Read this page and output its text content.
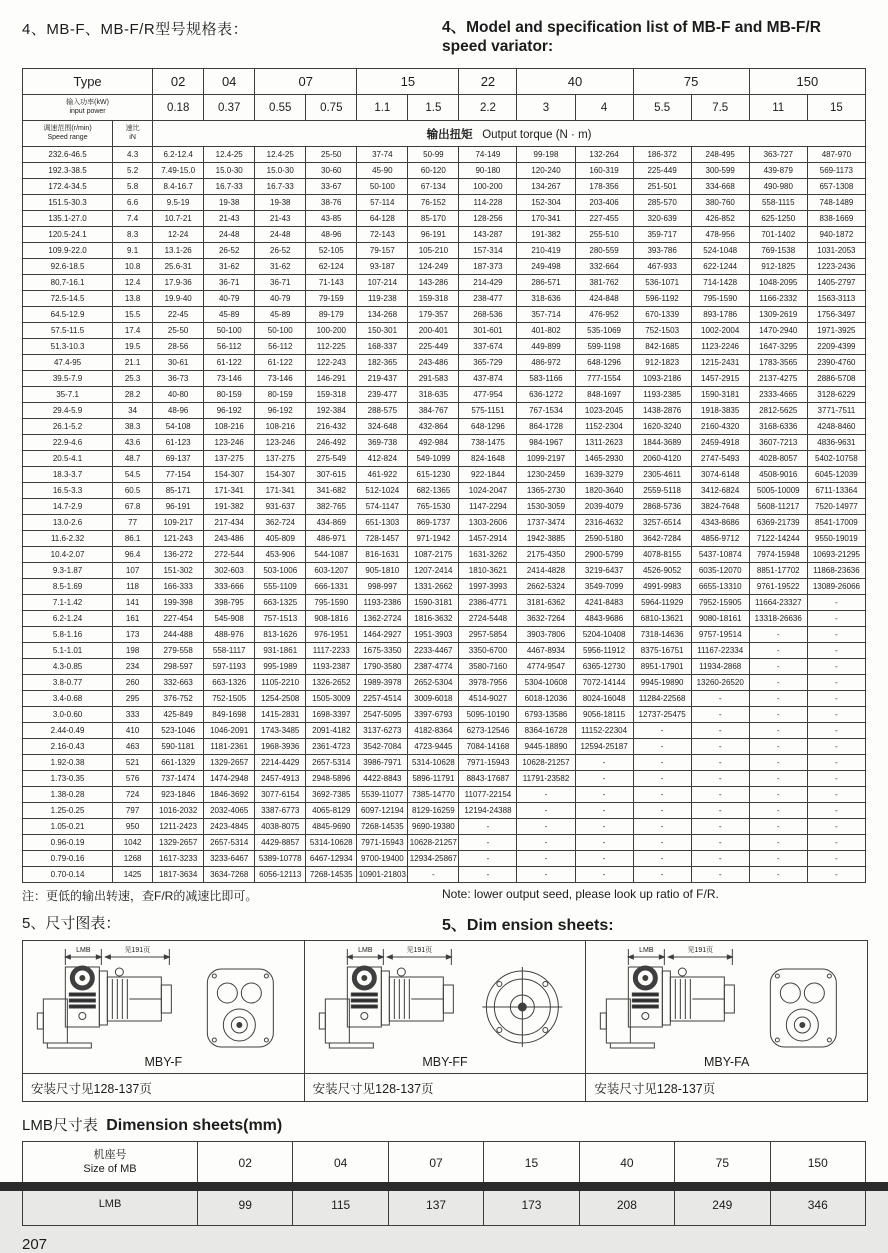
4、MB-F、MB-F/R型号规格表：	4、Model and specification list of MB-F and MB-F/R speed variator:
Type		02	04	07		15		22	40		75		150	

输入功率(kW)
input power		0.18	0.37	0.55	0.75	1.1	1.5	2.2	3	4	5.5	7.5	11	15

调速范围(r/min)
Speed range

速比
iN	输出扭矩 Output torque (N · m)
232.6-46.5	4.3	6.2-12.4	12.4-25	12.4-25	25-50	37-74	50-99	74-149	99-198	132-264	186-372	248-495	363-727	487-970
192.3-38.5	5.2	7.49-15.0	15.0-30	15.0-30	30-60	45-90	60-120	90-180	120-240	160-319	225-449	300-599	439-879	569-1173
172.4-34.5	5.8	8.4-16.7	16.7-33	16.7-33	33-67	50-100	67-134	100-200	134-267	178-356	251-501	334-668	490-980	657-1308
151.5-30.3	6.6	9.5-19	19-38	19-38	38-76	57-114	76-152	114-228	152-304	203-406	285-570	380-760	558-1115	748-1489
135.1-27.0	7.4	10.7-21	21-43	21-43	43-85	64-128	85-170	128-256	170-341	227-455	320-639	426-852	625-1250	838-1669
120.5-24.1	8.3	12-24	24-48	24-48	48-96	72-143	96-191	143-287	191-382	255-510	359-717	478-956	701-1402	940-1872
109.9-22.0	9.1	13.1-26	26-52	26-52	52-105	79-157	105-210	157-314	210-419	280-559	393-786	524-1048	769-1538	1031-2053
92.6-18.5	10.8	25.6-31	31-62	31-62	62-124	93-187	124-249	187-373	249-498	332-664	467-933	622-1244	912-1825	1223-2436
80.7-16.1	12.4	17.9-36	36-71	36-71	71-143	107-214	143-286	214-429	286-571	381-762	536-1071	714-1428	1048-2095	1405-2797
72.5-14.5	13.8	19.9-40	40-79	40-79	79-159	119-238	159-318	238-477	318-636	424-848	596-1192	795-1590	1166-2332	1563-3113
64.5-12.9	15.5	22-45	45-89	45-89	89-179	134-268	179-357	268-536	357-714	476-952	670-1339	893-1786	1309-2619	1756-3497
57.5-11.5	17.4	25-50	50-100	50-100	100-200	150-301	200-401	301-601	401-802	535-1069	752-1503	1002-2004	1470-2940	1971-3925
51.3-10.3	19.5	28-56	56-112	56-112	112-225	168-337	225-449	337-674	449-899	599-1198	842-1685	1123-2246	1647-3295	2209-4399
47.4-95	21.1	30-61	61-122	61-122	122-243	182-365	243-486	365-729	486-972	648-1296	912-1823	1215-2431	1783-3565	2390-4760
39.5-7.9	25.3	36-73	73-146	73-146	146-291	219-437	291-583	437-874	583-1166	777-1554	1093-2186	1457-2915	2137-4275	2886-5708
35-7.1	28.2	40-80	80-159	80-159	159-318	239-477	318-635	477-954	636-1272	848-1697	1193-2385	1590-3181	2333-4665	3128-6229
29.4-5.9	34	48-96	96-192	96-192	192-384	288-575	384-767	575-1151	767-1534	1023-2045	1438-2876	1918-3835	2812-5625	3771-7511
26.1-5.2	38.3	54-108	108-216	108-216	216-432	324-648	432-864	648-1296	864-1728	1152-2304	1620-3240	2160-4320	3168-6336	4248-8460
22.9-4.6	43.6	61-123	123-246	123-246	246-492	369-738	492-984	738-1475	984-1967	1311-2623	1844-3689	2459-4918	3607-7213	4836-9631
20.5-4.1	48.7	69-137	137-275	137-275	275-549	412-824	549-1099	824-1648	1099-2197	1465-2930	2060-4120	2747-5493	4028-8057	5402-10758
18.3-3.7	54.5	77-154	154-307	154-307	307-615	461-922	615-1230	922-1844	1230-2459	1639-3279	2305-4611	3074-6148	4508-9016	6045-12039
16.5-3.3	60.5	85-171	171-341	171-341	341-682	512-1024	682-1365	1024-2047	1365-2730	1820-3640	2559-5118	3412-6824	5005-10009	6711-13364
14.7-2.9	67.8	96-191	191-382	931-637	382-765	574-1147	765-1530	1147-2294	1530-3059	2039-4079	2868-5736	3824-7648	5608-11217	7520-14977
13.0-2.6	77	109-217	217-434	362-724	434-869	651-1303	869-1737	1303-2606	1737-3474	2316-4632	3257-6514	4343-8686	6369-21739	8541-17009
11.6-2.32	86.1	121-243	243-486	405-809	486-971	728-1457	971-1942	1457-2914	1942-3885	2590-5180	3642-7284	4856-9712	7122-14244	9550-19019
10.4-2.07	96.4	136-272	272-544	453-906	544-1087	816-1631	1087-2175	1631-3262	2175-4350	2900-5799	4078-8155	5437-10874	7974-15948	10693-21295
9.3-1.87	107	151-302	302-603	503-1006	603-1207	905-1810	1207-2414	1810-3621	2414-4828	3219-6437	4526-9052	6035-12070	8851-17702	11868-23636
8.5-1.69	118	166-333	333-666	555-1109	666-1331	998-997	1331-2662	1997-3993	2662-5324	3549-7099	4991-9983	6655-13310	9761-19522	13089-26066
7.1-1.42	141	199-398	398-795	663-1325	795-1590	1193-2386	1590-3181	2386-4771	3181-6362	4241-8483	5964-11929	7952-15905	11664-23327	-
6.2-1.24	161	227-454	545-908	757-1513	908-1816	1362-2724	1816-3632	2724-5448	3632-7264	4843-9686	6810-13621	9080-18161	13318-26636	-
5.8-1.16	173	244-488	488-976	813-1626	976-1951	1464-2927	1951-3903	2957-5854	3903-7806	5204-10408	7318-14636	9757-19514	-	-
5.1-1.01	198	279-558	558-1117	931-1861	1117-2233	1675-3350	2233-4467	3350-6700	4467-8934	5956-11912	8375-16751	11167-22334	-	-
4.3-0.85	234	298-597	597-1193	995-1989	1193-2387	1790-3580	2387-4774	3580-7160	4774-9547	6365-12730	8951-17901	11934-2868	-	-
3.8-0.77	260	332-663	663-1326	1105-2210	1326-2652	1989-3978	2652-5304	3978-7956	5304-10608	7072-14144	9945-19890	13260-26520	-	-
3.4-0.68	295	376-752	752-1505	1254-2508	1505-3009	2257-4514	3009-6018	4514-9027	6018-12036	8024-16048	11284-22568	-	-	-
3.0-0.60	333	425-849	849-1698	1415-2831	1698-3397	2547-5095	3397-6793	5095-10190	6793-13586	9056-18115	12737-25475	-	-	-
2.44-0.49	410	523-1046	1046-2091	1743-3485	2091-4182	3137-6273	4182-8364	6273-12546	8364-16728	11152-22304	-	-	-	-
2.16-0.43	463	590-1181	1181-2361	1968-3936	2361-4723	3542-7084	4723-9445	7084-14168	9445-18890	12594-25187	-	-	-	-
1.92-0.38	521	661-1329	1329-2657	2214-4429	2657-5314	3986-7971	5314-10628	7971-15943	10628-21257	-	-	-	-	-
1.73-0.35	576	737-1474	1474-2948	2457-4913	2948-5896	4422-8843	5896-11791	8843-17687	11791-23582	-	-	-	-	-
1.38-0.28	724	923-1846	1846-3692	3077-6154	3692-7385	5539-11077	7385-14770	11077-22154	-	-	-	-	-	-
1.25-0.25	797	1016-2032	2032-4065	3387-6773	4065-8129	6097-12194	8129-16259	12194-24388	-	-	-	-	-	-
1.05-0.21	950	1211-2423	2423-4845	4038-8075	4845-9690	7268-14535	9690-19380	-	-	-	-	-	-	-
0.96-0.19	1042	1329-2657	2657-5314	4429-8857	5314-10628	7971-15943	10628-21257	-	-	-	-	-	-	-
0.79-0.16	1268	1617-3233	3233-6467	5389-10778	6467-12934	9700-19400	12934-25867	-	-	-	-	-	-	-
0.70-0.14	1425	1817-3634	3634-7268	6056-12113	7268-14535	10901-21803	-	-	-	-	-	-	-	-
注：更低的输出转速，查F/R的减速比即可。	Note: lower output seed, please look up ratio of F/R.
5、尺寸图表：	5、Dim ension sheets:
LMB	见191页
MBY-F
安装尺寸见128-137页
LMB	见191页
MBY-FF
安装尺寸见128-137页
LMB	见191页
MBY-FA
安装尺寸见128-137页
LMB尺寸表 Dimension sheets(mm)
机座号
Size of MB	02	04	07	15	40	75	150
LMB	99	115	137	173	208	249	346
207
